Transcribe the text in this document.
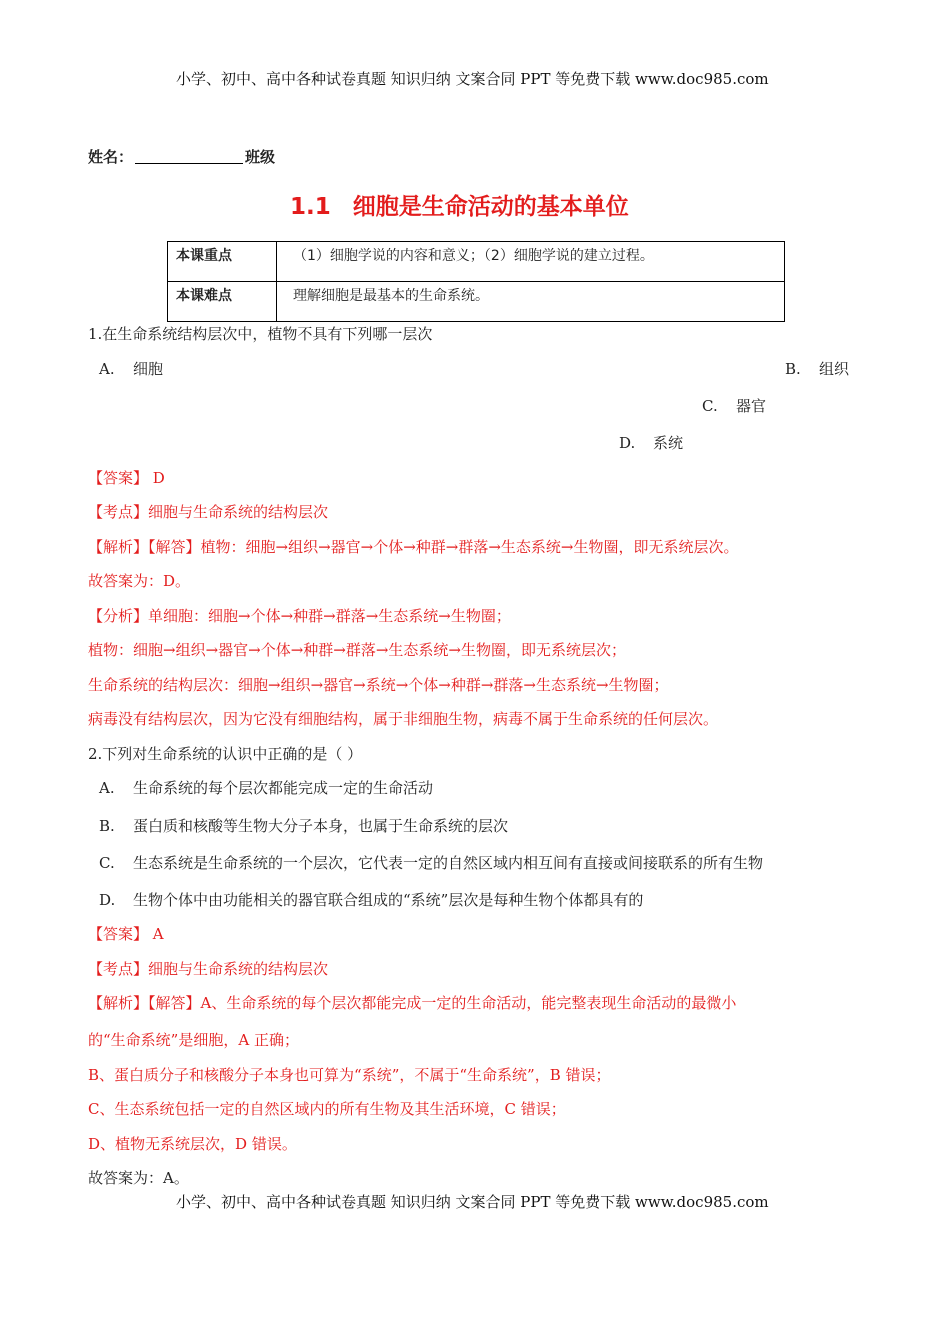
小学、初中、高中各种试卷真题 知识归纳 文案合同 PPT 等免费下载 www.doc985.com
姓名：	班级
1.1 细胞是生命活动的基本单位
本课重点	（1）细胞学说的内容和意义；（2）细胞学说的建立过程。
本课难点	理解细胞是最基本的生命系统。
1.在生命系统结构层次中，植物不具有下列哪一层次
A. 细胞	B. 组织
C. 器官
D. 系统
【答案】 D
【考点】细胞与生命系统的结构层次
【解析】【解答】植物：细胞→组织→器官→个体→种群→群落→生态系统→生物圈，即无系统层次。
故答案为：D。
【分析】单细胞：细胞→个体→种群→群落→生态系统→生物圈；
植物：细胞→组织→器官→个体→种群→群落→生态系统→生物圈，即无系统层次；
生命系统的结构层次：细胞→组织→器官→系统→个体→种群→群落→生态系统→生物圈；
病毒没有结构层次，因为它没有细胞结构，属于非细胞生物，病毒不属于生命系统的任何层次。
2.下列对生命系统的认识中正确的是（ ）
A. 生命系统的每个层次都能完成一定的生命活动
B. 蛋白质和核酸等生物大分子本身，也属于生命系统的层次
C. 生态系统是生命系统的一个层次，它代表一定的自然区域内相互间有直接或间接联系的所有生物
D. 生物个体中由功能相关的器官联合组成的“系统”层次是每种生物个体都具有的
【答案】 A
【考点】细胞与生命系统的结构层次
【解析】【解答】A、生命系统的每个层次都能完成一定的生命活动，能完整表现生命活动的最微小
的“生命系统”是细胞，A 正确；
B、蛋白质分子和核酸分子本身也可算为“系统”，不属于“生命系统”，B 错误；
C、生态系统包括一定的自然区域内的所有生物及其生活环境，C 错误；
D、植物无系统层次，D 错误。
故答案为：A。
小学、初中、高中各种试卷真题 知识归纳 文案合同 PPT 等免费下载 www.doc985.com
